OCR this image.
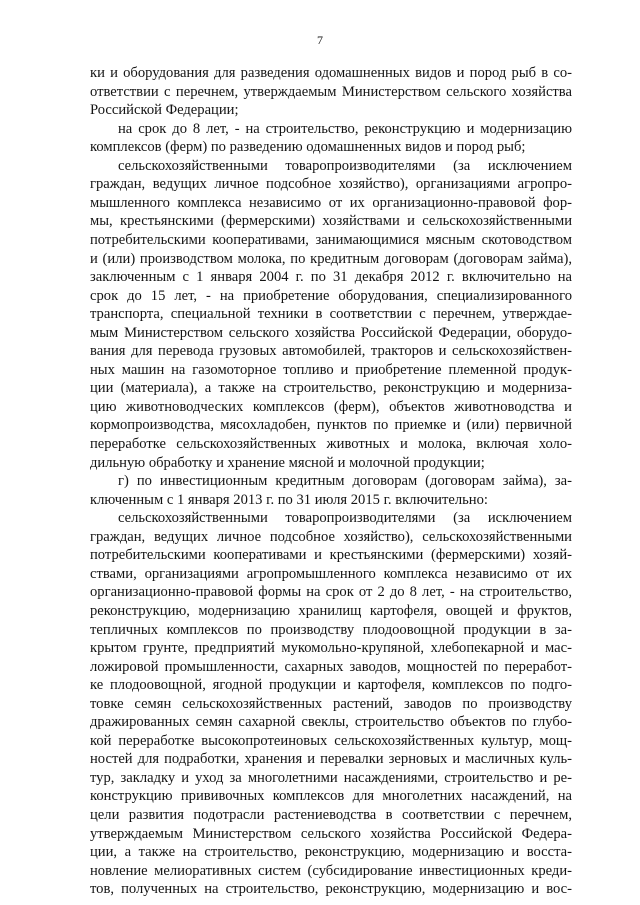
7
ки и оборудования для разведения одомашненных видов и пород рыб в со-
ответствии с перечнем, утверждаемым Министерством сельского хозяйства
Российской Федерации;
на срок до 8 лет, - на строительство, реконструкцию и модернизацию
комплексов (ферм) по разведению одомашненных видов и пород рыб;
сельскохозяйственными товаропроизводителями (за исключением
граждан, ведущих личное подсобное хозяйство), организациями агропро-
мышленного комплекса независимо от их организационно-правовой фор-
мы, крестьянскими (фермерскими) хозяйствами и сельскохозяйственными
потребительскими кооперативами, занимающимися мясным скотоводством
и (или) производством молока, по кредитным договорам (договорам займа),
заключенным с 1 января 2004 г. по 31 декабря 2012 г. включительно на
срок до 15 лет, - на приобретение оборудования, специализированного
транспорта, специальной техники в соответствии с перечнем, утверждае-
мым Министерством сельского хозяйства Российской Федерации, оборудо-
вания для перевода грузовых автомобилей, тракторов и сельскохозяйствен-
ных машин на газомоторное топливо и приобретение племенной продук-
ции (материала), а также на строительство, реконструкцию и модерниза-
цию животноводческих комплексов (ферм), объектов животноводства и
кормопроизводства, мясохладобен, пунктов по приемке и (или) первичной
переработке сельскохозяйственных животных и молока, включая холо-
дильную обработку и хранение мясной и молочной продукции;
г) по инвестиционным кредитным договорам (договорам займа), за-
ключенным с 1 января 2013 г. по 31 июля 2015 г. включительно:
сельскохозяйственными товаропроизводителями (за исключением
граждан, ведущих личное подсобное хозяйство), сельскохозяйственными
потребительскими кооперативами и крестьянскими (фермерскими) хозяй-
ствами, организациями агропромышленного комплекса независимо от их
организационно-правовой формы на срок от 2 до 8 лет, - на строительство,
реконструкцию, модернизацию хранилищ картофеля, овощей и фруктов,
тепличных комплексов по производству плодоовощной продукции в за-
крытом грунте, предприятий мукомольно-крупяной, хлебопекарной и мас-
ложировой промышленности, сахарных заводов, мощностей по переработ-
ке плодоовощной, ягодной продукции и картофеля, комплексов по подго-
товке семян сельскохозяйственных растений, заводов по производству
дражированных семян сахарной свеклы, строительство объектов по глубо-
кой переработке высокопротеиновых сельскохозяйственных культур, мощ-
ностей для подработки, хранения и перевалки зерновых и масличных куль-
тур, закладку и уход за многолетними насаждениями, строительство и ре-
конструкцию прививочных комплексов для многолетних насаждений, на
цели развития подотрасли растениеводства в соответствии с перечнем,
утверждаемым Министерством сельского хозяйства Российской Федера-
ции, а также на строительство, реконструкцию, модернизацию и восста-
новление мелиоративных систем (субсидирование инвестиционных креди-
тов, полученных на строительство, реконструкцию, модернизацию и вос-
